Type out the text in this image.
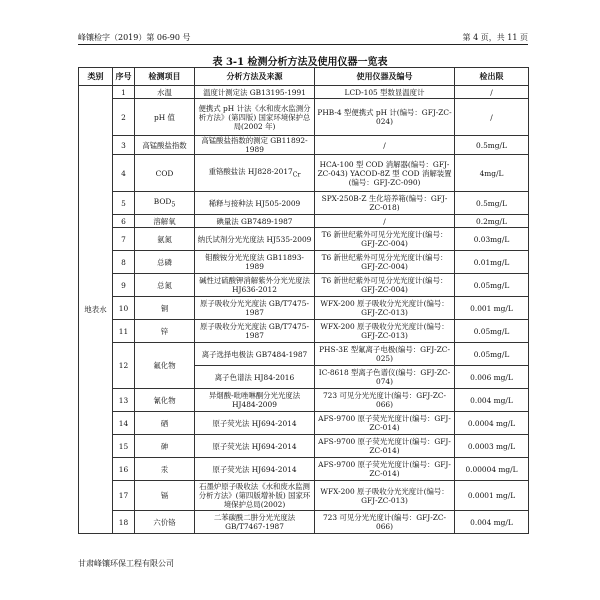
峰镶检字（2019）第 06-90 号	第 4 页，共 11 页
表 3-1 检测分析方法及使用仪器一览表
类别	序号	检测项目	分析方法及来源	使用仪器及编号	检出限
地表水	1	水温	温度计测定法 GB13195-1991	LCD-105 型数显温度计	/
	2	pH 值	便携式 pH 计法《水和废水监测分析方法》(第四版) 国家环境保护总局(2002 年)	PHB-4 型便携式 pH 计(编号：GFJ-ZC-024)	/
	3	高锰酸盐指数	高锰酸盐指数的测定 GB11892-1989	/	0.5mg/L
	4	COD	重铬酸盐法 $HJ828-2017_{Cr}$	HCA-100 型 COD 消解器(编号：GFJ-ZC-043) YACOD-8Z 型 COD 消解装置(编号：GFJ-ZC-090)	4mg/L
	5	$BOD_5$	稀释与接种法 HJ505-2009	SPX-250B-Z 生化培养箱(编号：GFJ-ZC-018)	0.5mg/L
	6	溶解氧	碘量法 GB7489-1987	/	0.2mg/L
	7	氨氮	纳氏试剂分光光度法 HJ535-2009	T6 新世纪紫外可见分光光度计(编号：GFJ-ZC-004)	0.03mg/L
	8	总磷	钼酸铵分光光度法 GB11893-1989	T6 新世纪紫外可见分光光度计(编号：GFJ-ZC-004)	0.01mg/L
	9	总氮	碱性过硫酸钾消解紫外分光光度法 HJ636-2012	T6 新世纪紫外可见分光光度计(编号：GFJ-ZC-004)	0.05mg/L
	10	铜	原子吸收分光光度法 GB/T7475-1987	WFX-200 原子吸收分光光度计(编号：GFJ-ZC-013)	0.001 mg/L
	11	锌	原子吸收分光光度法 GB/T7475-1987	WFX-200 原子吸收分光光度计(编号：GFJ-ZC-013)	0.05mg/L
	12	氟化物	离子选择电极法 GB7484-1987	PHS-3E 型氟离子电极(编号：GFJ-ZC-025)	0.05mg/L
			离子色谱法 HJ84-2016	IC-8618 型离子色谱仪(编号：GFJ-ZC-074)	0.006 mg/L
	13	氰化物	异烟酸-吡唑啉酮分光光度法 HJ484-2009	723 可见分光光度计(编号：GFJ-ZC-066)	0.004 mg/L
	14	硒	原子荧光法 HJ694-2014	AFS-9700 原子荧光光度计(编号：GFJ-ZC-014)	0.0004 mg/L
	15	砷	原子荧光法 HJ694-2014	AFS-9700 原子荧光光度计(编号：GFJ-ZC-014)	0.0003 mg/L
	16	汞	原子荧光法 HJ694-2014	AFS-9700 原子荧光光度计(编号：GFJ-ZC-014)	0.00004 mg/L
	17	镉	石墨炉原子吸收法《水和废水监测分析方法》(第四版增补版) 国家环境保护总局(2002)	WFX-200 原子吸收分光光度计(编号：GFJ-ZC-013)	0.0001 mg/L
	18	六价铬	二苯碳酰二肼分光光度法 GB/T7467-1987	723 可见分光光度计(编号：GFJ-ZC-066)	0.004 mg/L
甘肃峰镶环保工程有限公司
